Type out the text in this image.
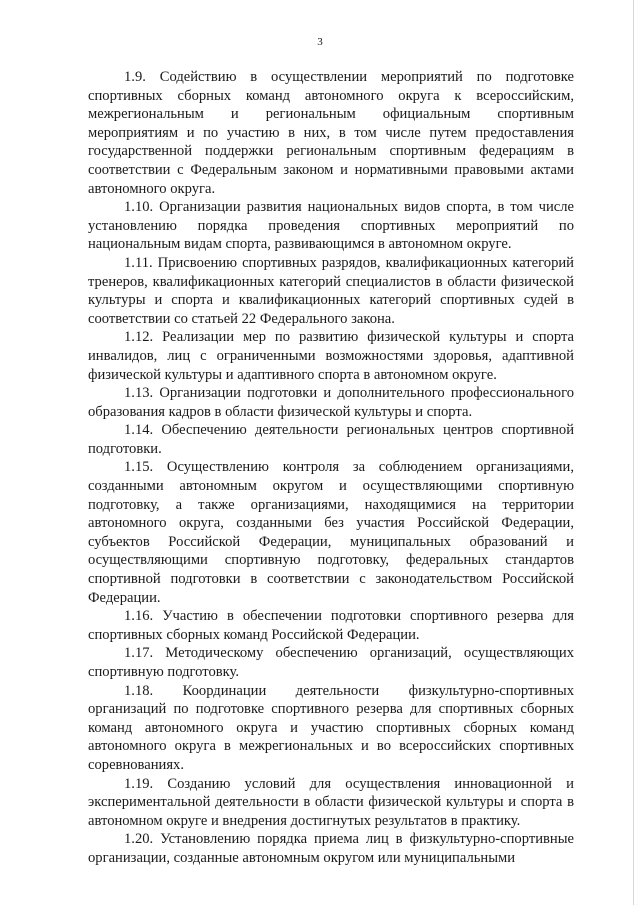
3

1.9. Содействию в осуществлении мероприятий по подготовке спортивных сборных команд автономного округа к всероссийским, межрегиональным и региональным официальным спортивным мероприятиям и по участию в них, в том числе путем предоставления государственной поддержки региональным спортивным федерациям в соответствии с Федеральным законом и нормативными правовыми актами автономного округа.

1.10. Организации развития национальных видов спорта, в том числе установлению порядка проведения спортивных мероприятий по национальным видам спорта, развивающимся в автономном округе.

1.11. Присвоению спортивных разрядов, квалификационных категорий тренеров, квалификационных категорий специалистов в области физической культуры и спорта и квалификационных категорий спортивных судей в соответствии со статьей 22 Федерального закона.

1.12. Реализации мер по развитию физической культуры и спорта инвалидов, лиц с ограниченными возможностями здоровья, адаптивной физической культуры и адаптивного спорта в автономном округе.

1.13. Организации подготовки и дополнительного профессионального образования кадров в области физической культуры и спорта.

1.14. Обеспечению деятельности региональных центров спортивной подготовки.

1.15. Осуществлению контроля за соблюдением организациями, созданными автономным округом и осуществляющими спортивную подготовку, а также организациями, находящимися на территории автономного округа, созданными без участия Российской Федерации, субъектов Российской Федерации, муниципальных образований и осуществляющими спортивную подготовку, федеральных стандартов спортивной подготовки в соответствии с законодательством Российской Федерации.

1.16. Участию в обеспечении подготовки спортивного резерва для спортивных сборных команд Российской Федерации.

1.17. Методическому обеспечению организаций, осуществляющих спортивную подготовку.

1.18. Координации деятельности физкультурно-спортивных организаций по подготовке спортивного резерва для спортивных сборных команд автономного округа и участию спортивных сборных команд автономного округа в межрегиональных и во всероссийских спортивных соревнованиях.

1.19. Созданию условий для осуществления инновационной и экспериментальной деятельности в области физической культуры и спорта в автономном округе и внедрения достигнутых результатов в практику.

1.20. Установлению порядка приема лиц в физкультурно-спортивные организации, созданные автономным округом или муниципальными
